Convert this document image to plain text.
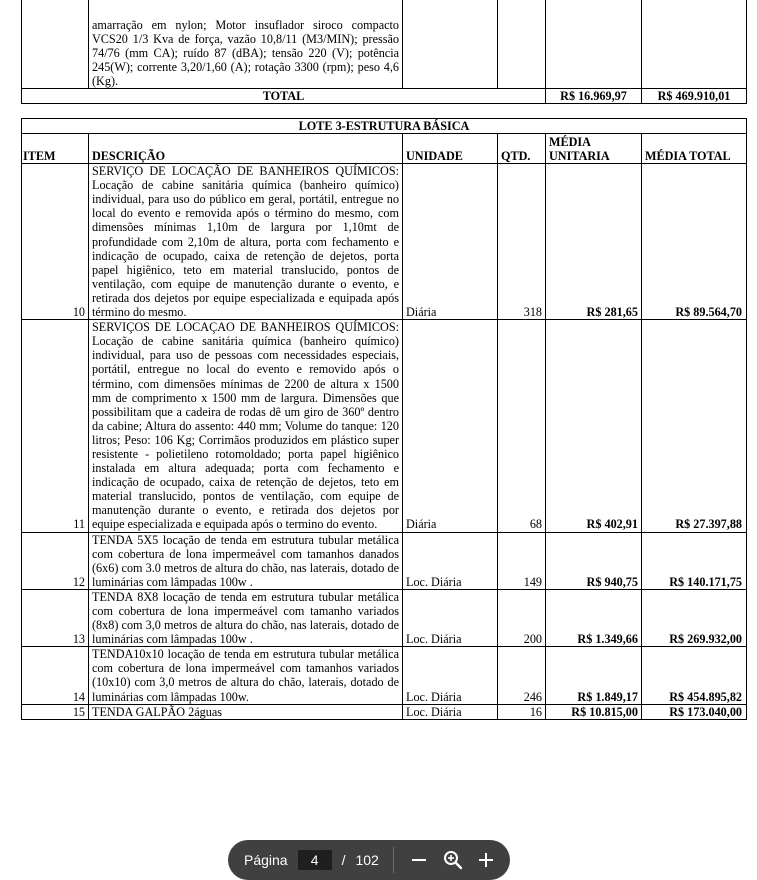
	amarração em nylon; Motor insuflador siroco compacto VCS20 1/3 Kva de força, vazão 10,8/11 (M3/MIN); pressão 74/76 (mm CA); ruído 87 (dBA); tensão 220 (V); potência 245(W); corrente 3,20/1,60 (A); rotação 3300 (rpm); peso 4,6 (Kg).				
TOTAL				R$ 16.969,97	R$ 469.910,01
LOTE 3-ESTRUTURA BÁSICA					
ITEM	DESCRIÇÃO	UNIDADE	QTD.	MÉDIA UNITARIA	MÉDIA TOTAL
10	SERVIÇO DE LOCAÇÃO DE BANHEIROS QUÍMICOS: Locação de cabine sanitária química (banheiro químico) individual, para uso do público em geral, portátil, entregue no local do evento e removida após o término do mesmo, com dimensões mínimas 1,10m de largura por 1,10mt de profundidade com 2,10m de altura, porta com fechamento e indicação de ocupado, caixa de retenção de dejetos, porta papel higiênico, teto em material translucido, pontos de ventilação, com equipe de manutenção durante o evento, e retirada dos dejetos por equipe especializada e equipada após término do mesmo.	Diária	318	R$ 281,65	R$ 89.564,70
11	SERVIÇOS DE LOCAÇAO DE BANHEIROS QUÍMICOS: Locação de cabine sanitária química (banheiro químico) individual, para uso de pessoas com necessidades especiais, portátil, entregue no local do evento e removido após o término, com dimensões mínimas de 2200 de altura x 1500 mm de comprimento x 1500 mm de largura. Dimensões que possibilitam que a cadeira de rodas dê um giro de 360º dentro da cabine; Altura do assento: 440 mm; Volume do tanque: 120 litros; Peso: 106 Kg; Corrimãos produzidos em plástico super resistente - polietileno rotomoldado; porta papel higiênico instalada em altura adequada; porta com fechamento e indicação de ocupado, caixa de retenção de dejetos, teto em material translucido, pontos de ventilação, com equipe de manutenção durante o evento, e retirada dos dejetos por equipe especializada e equipada após o termino do evento.	Diária	68	R$ 402,91	R$ 27.397,88
12	TENDA 5X5 locação de tenda em estrutura tubular metálica com cobertura de lona impermeável com tamanhos danados (6x6) com 3.0 metros de altura do chão, nas laterais, dotado de luminárias com lâmpadas 100w .	Loc. Diária	149	R$ 940,75	R$ 140.171,75
13	TENDA 8X8 locação de tenda em estrutura tubular metálica com cobertura de lona impermeável com tamanho variados (8x8) com 3,0 metros de altura do chão, nas laterais, dotado de luminárias com lâmpadas 100w .	Loc. Diária	200	R$ 1.349,66	R$ 269.932,00
14	TENDA10x10 locação de tenda em estrutura tubular metálica com cobertura de lona impermeável com tamanhos variados (10x10) com 3,0 metros de altura do chão, laterais, dotado de luminárias com lâmpadas 100w.	Loc. Diária	246	R$ 1.849,17	R$ 454.895,82
15	TENDA GALPÃO 2águas	Loc. Diária	16	R$ 10.815,00	R$ 173.040,00
Página
4	/ 102
